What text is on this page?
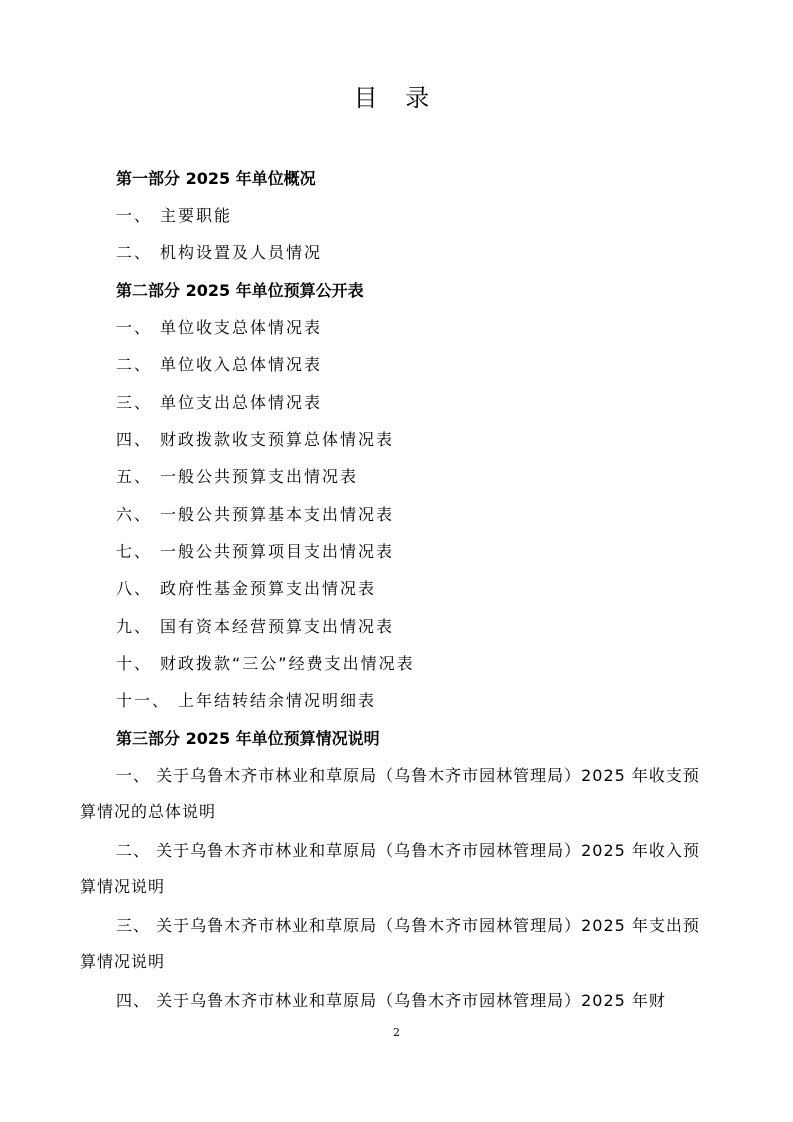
目 录
第一部分 2025 年单位概况
一、 主要职能
二、 机构设置及人员情况
第二部分 2025 年单位预算公开表
一、 单位收支总体情况表
二、 单位收入总体情况表
三、 单位支出总体情况表
四、 财政拨款收支预算总体情况表
五、 一般公共预算支出情况表
六、 一般公共预算基本支出情况表
七、 一般公共预算项目支出情况表
八、 政府性基金预算支出情况表
九、 国有资本经营预算支出情况表
十、 财政拨款“三公”经费支出情况表
十一、 上年结转结余情况明细表
第三部分 2025 年单位预算情况说明
一、 关于乌鲁木齐市林业和草原局（乌鲁木齐市园林管理局）2025 年收支预算情况的总体说明
二、 关于乌鲁木齐市林业和草原局（乌鲁木齐市园林管理局）2025 年收入预算情况说明
三、 关于乌鲁木齐市林业和草原局（乌鲁木齐市园林管理局）2025 年支出预算情况说明
四、 关于乌鲁木齐市林业和草原局（乌鲁木齐市园林管理局）2025 年财
2
